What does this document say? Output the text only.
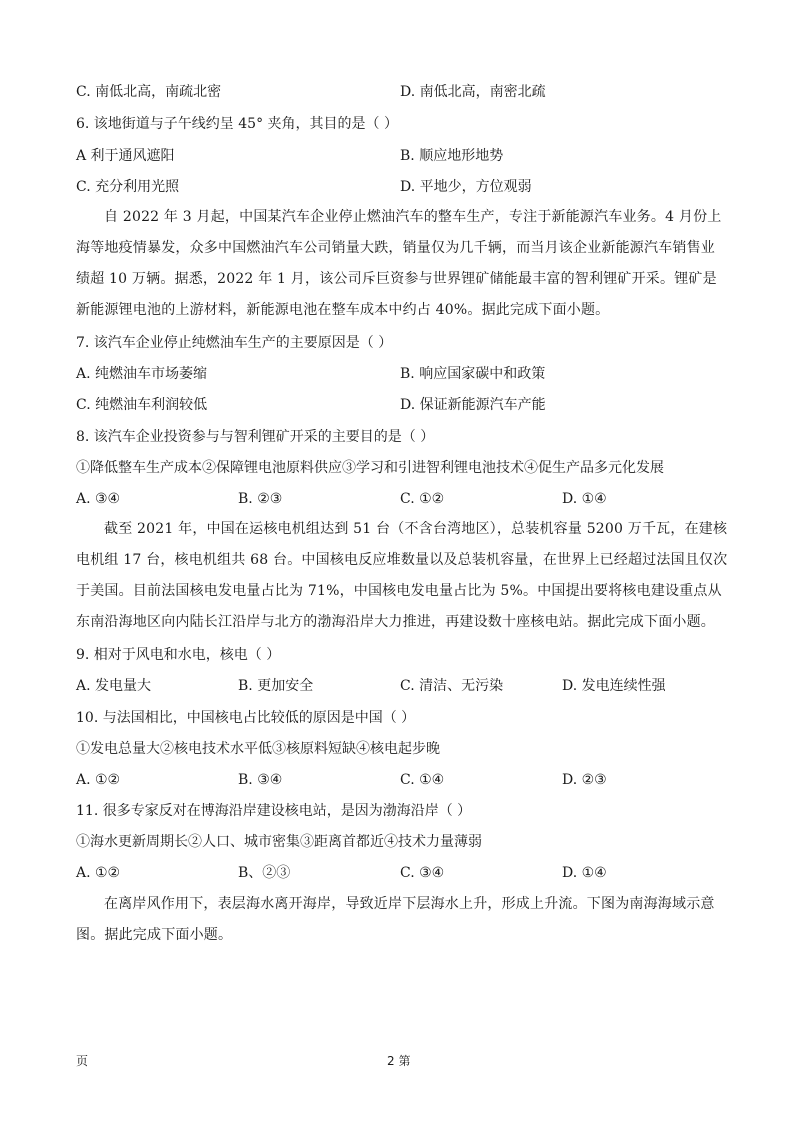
C. 南低北高，南疏北密	D. 南低北高，南密北疏
6. 该地街道与子午线约呈 45° 夹角，其目的是（ ）
A 利于通风遮阳	B. 顺应地形地势
C. 充分利用光照	D. 平地少，方位观弱
自 2022 年 3 月起，中国某汽车企业停止燃油汽车的整车生产，专注于新能源汽车业务。4 月份上海等地疫情暴发，众多中国燃油汽车公司销量大跌，销量仅为几千辆，而当月该企业新能源汽车销售业绩超 10 万辆。据悉，2022 年 1 月，该公司斥巨资参与世界锂矿储能最丰富的智利锂矿开采。锂矿是新能源锂电池的上游材料，新能源电池在整车成本中约占 40%。据此完成下面小题。
7. 该汽车企业停止纯燃油车生产的主要原因是（ ）
A. 纯燃油车市场萎缩	B. 响应国家碳中和政策
C. 纯燃油车利润较低	D. 保证新能源汽车产能
8. 该汽车企业投资参与与智利锂矿开采的主要目的是（ ）
①降低整车生产成本②保障锂电池原料供应③学习和引进智利锂电池技术④促生产品多元化发展
A. ③④	B. ②③	C. ①②	D. ①④
截至 2021 年，中国在运核电机组达到 51 台（不含台湾地区），总装机容量 5200 万千瓦，在建核电机组 17 台，核电机组共 68 台。中国核电反应堆数量以及总装机容量，在世界上已经超过法国且仅次于美国。目前法国核电发电量占比为 71%，中国核电发电量占比为 5%。中国提出要将核电建设重点从东南沿海地区向内陆长江沿岸与北方的渤海沿岸大力推进，再建设数十座核电站。据此完成下面小题。
9. 相对于风电和水电，核电（ ）
A. 发电量大	B. 更加安全	C. 清洁、无污染	D. 发电连续性强
10. 与法国相比，中国核电占比较低的原因是中国（ ）
①发电总量大②核电技术水平低③核原料短缺④核电起步晚
A. ①②	B. ③④	C. ①④	D. ②③
11. 很多专家反对在博海沿岸建设核电站，是因为渤海沿岸（ ）
①海水更新周期长②人口、城市密集③距离首都近④技术力量薄弱
A. ①②	B、②③	C. ③④	D. ①④
在离岸风作用下，表层海水离开海岸，导致近岸下层海水上升，形成上升流。下图为南海海域示意图。据此完成下面小题。
页	2 第
